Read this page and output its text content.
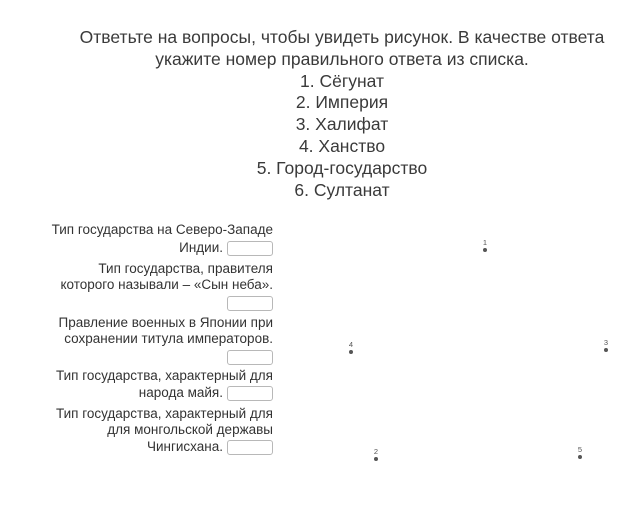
Ответьте на вопросы, чтобы увидеть рисунок. В качестве ответа
укажите номер правильного ответа из списка.
1. Сёгунат
2. Империя
3. Халифат
4. Ханство
5. Город-государство
6. Султанат
Тип государства на Северо-Западе
Индии.
Тип государства, правителя
которого называли – «Сын неба».
Правление военных в Японии при
сохранении титула императоров.
Тип государства, характерный для
народа майя.
Тип государства, характерный для
для монгольской державы
Чингисхана.
1
4	3
2	5
